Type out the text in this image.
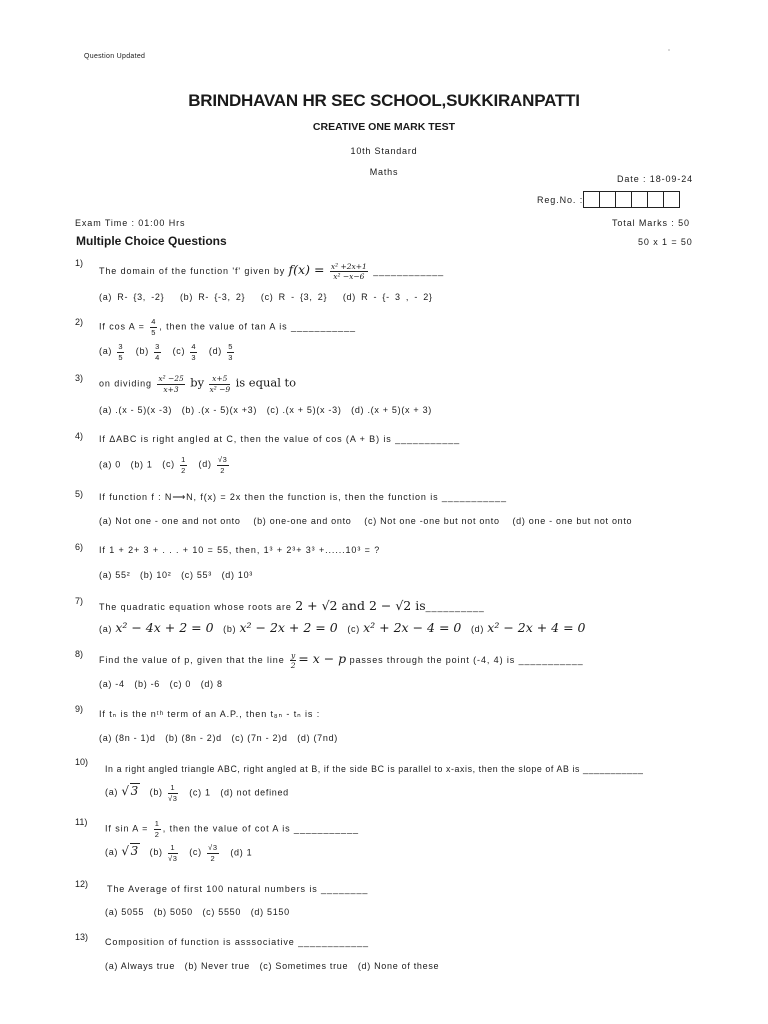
Question Updated
BRINDHAVAN HR SEC SCHOOL,SUKKIRANPATTI
CREATIVE ONE MARK TEST
10th Standard
Maths
Date : 18-09-24
Reg.No. :
Exam Time : 01:00 Hrs	Total Marks : 50
Multiple Choice Questions	50 x 1 = 50
1)
The domain of the function 'f' given by $f(x) = \frac{\text{x² +2x+1}}{\text{x² −x−6}}$ ____________
(a) R- {3, -2} (b) R- {-3, 2} (c) R - {3, 2} (d) R - {- 3 , - 2}
2) If $\cos A = \frac{4}{5}$ , then the value of tan A is ___________
$(a) \frac{3}{5} (b) \frac{3}{4} (c) \frac{4}{3} (d) \frac{5}{3}$
3)
on dividing $\frac{\text{x² −25}}{x+3}$ by $\frac{x+5}{\text{x² −9}}$ is equal to
(a) .(x - 5)(x -3) (b) .(x - 5)(x +3) (c) .(x + 5)(x -3) (d) .(x + 5)(x + 3)
4) If ΔABC is right angled at C, then the value of cos (A + B) is ___________
(a) 0 (b) 1 $(c) \frac{1}{2} (d) \frac{√3}{2}$
5) If function f : N⟶N, f(x) = 2x then the function is, then the function is ___________
(a) Not one - one and not onto (b) one-one and onto (c) Not one -one but not onto (d) one - one but not onto
6) If 1 + 2+ 3 + . . . + 10 = 55, then, 1³ + 2³+ 3³ +......10³ = ?
(a) 55² (b) 10² (c) 55³ (d) 10³
7)
The quadratic equation whose roots are 2 + √2 and 2 − √2 is__________
(a) x² − 4x + 2 = 0 (b) x² − 2x + 2 = 0 (c) x² + 2x − 4 = 0 (d) x² − 2x + 4 = 0
8)
Find the value of p, given that the line $\frac{y}{2} = x - p$ passes through the point (-4, 4) is ___________
(a) -4 (b) -6 (c) 0 (d) 8
9) If tₙ is the nᵗʰ term of an A.P., then t₈ₙ - tₙ is :
(a) (8n - 1)d (b) (8n - 2)d (c) (7n - 2)d (d) (7nd)
10)
In a right angled triangle ABC, right angled at B, if the side BC is parallel to x-axis, then the slope of AB is ___________
(a) √3 $(b) \frac{1}{√3} (c)$ 1 (d) not defined
11)
If $\sin A = \frac{1}{2}$ , then the value of cot A is ___________
(a) √3 $(b) \frac{1}{√3} (c) \frac{√3}{2} (d)$ 1
12) The Average of first 100 natural numbers is ________
(a) 5055 (b) 5050 (c) 5550 (d) 5150
13) Composition of function is asssociative ____________
(a) Always true (b) Never true (c) Sometimes true (d) None of these
